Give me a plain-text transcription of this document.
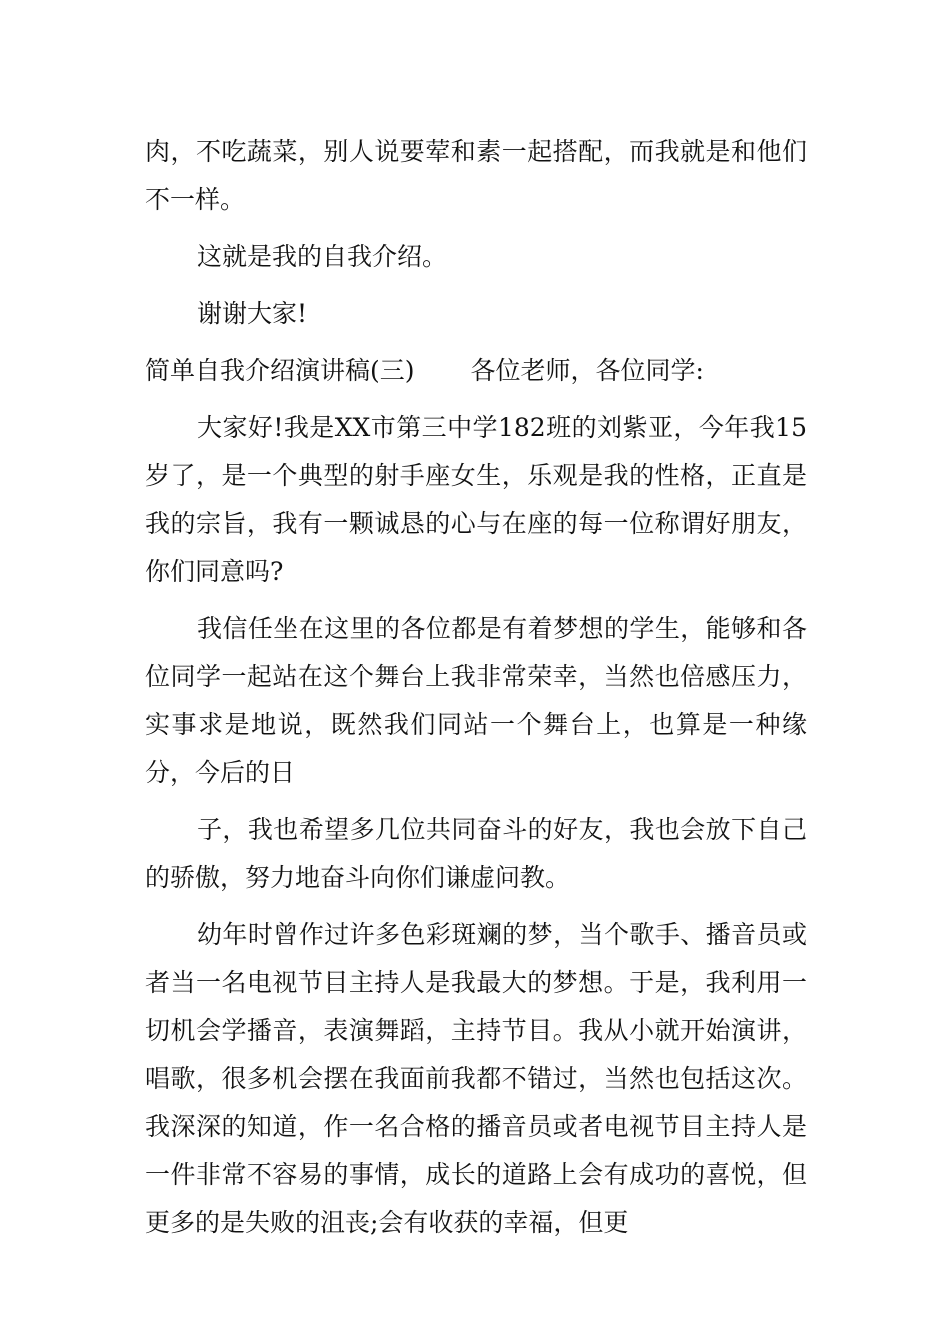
肉，不吃蔬菜，别人说要荤和素一起搭配，而我就是和他们不一样。

这就是我的自我介绍。

谢谢大家!

简单自我介绍演讲稿(三) 各位老师，各位同学:

大家好!我是XX市第三中学182班的刘紫亚，今年我15岁了，是一个典型的射手座女生，乐观是我的性格，正直是我的宗旨，我有一颗诚恳的心与在座的每一位称谓好朋友，你们同意吗?

我信任坐在这里的各位都是有着梦想的学生，能够和各位同学一起站在这个舞台上我非常荣幸，当然也倍感压力，实事求是地说，既然我们同站一个舞台上，也算是一种缘分，今后的日

子，我也希望多几位共同奋斗的好友，我也会放下自己的骄傲，努力地奋斗向你们谦虚问教。

幼年时曾作过许多色彩斑斓的梦，当个歌手、播音员或者当一名电视节目主持人是我最大的梦想。于是，我利用一切机会学播音，表演舞蹈，主持节目。我从小就开始演讲，唱歌，很多机会摆在我面前我都不错过，当然也包括这次。我深深的知道，作一名合格的播音员或者电视节目主持人是一件非常不容易的事情，成长的道路上会有成功的喜悦，但更多的是失败的沮丧;会有收获的幸福，但更
